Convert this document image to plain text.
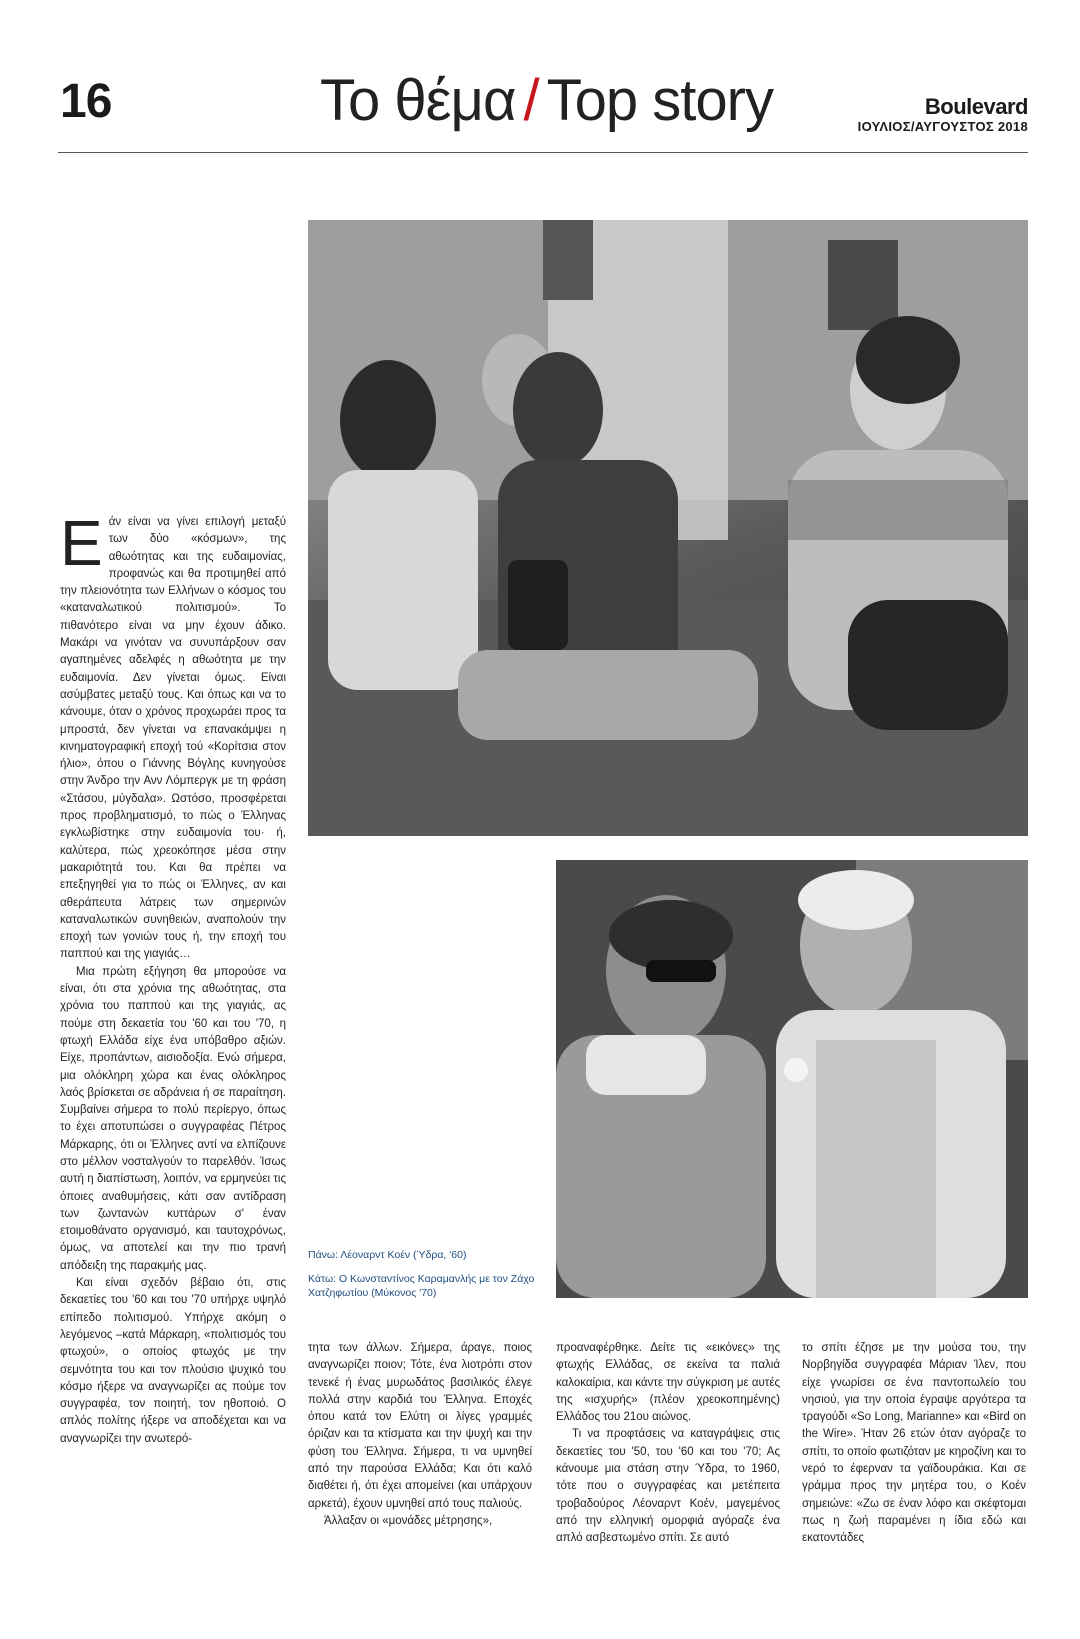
16	Το θέμα / Top story	Boulevard
ΙΟΥΛΙΟΣ/ΑΥΓΟΥΣΤΟΣ 2018

Πάνω: Λέοναρντ Κοέν (Ύδρα, '60)

Κάτω: Ο Κωνσταντίνος Καραμανλής με τον Ζάχο Χατζηφωτίου (Μύκονος '70)

Εάν είναι να γίνει επιλογή μεταξύ των δύο «κόσμων», της αθωότητας και της ευδαιμονίας, προφανώς και θα προτιμηθεί από την πλειονότητα των Ελλήνων ο κόσμος του «καταναλωτικού πολιτισμού». Το πιθανότερο είναι να μην έχουν άδικο. Μακάρι να γινόταν να συνυπάρξουν σαν αγαπημένες αδελφές η αθωότητα με την ευδαιμονία. Δεν γίνεται όμως. Είναι ασύμβατες μεταξύ τους. Και όπως και να το κάνουμε, όταν ο χρόνος προχωράει προς τα μπροστά, δεν γίνεται να επανακάμψει η κινηματογραφική εποχή τού «Κορίτσια στον ήλιο», όπου ο Γιάννης Βόγλης κυνηγούσε στην Άνδρο την Ανν Λόμπεργκ με τη φράση «Στάσου, μύγδαλα». Ωστόσο, προσφέρεται προς προβληματισμό, το πώς ο Έλληνας εγκλωβίστηκε στην ευδαιμονία του· ή, καλύτερα, πώς χρεοκόπησε μέσα στην μακαριότητά του. Και θα πρέπει να επεξηγηθεί για το πώς οι Έλληνες, αν και αθεράπευτα λάτρεις των σημερινών καταναλωτικών συνηθειών, αναπολούν την εποχή των γονιών τους ή, την εποχή του παππού και της γιαγιάς…

Μια πρώτη εξήγηση θα μπορούσε να είναι, ότι στα χρόνια της αθωότητας, στα χρόνια του παππού και της γιαγιάς, ας πούμε στη δεκαετία του '60 και του '70, η φτωχή Ελλάδα είχε ένα υπόβαθρο αξιών. Είχε, προπάντων, αισιοδοξία. Ενώ σήμερα, μια ολόκληρη χώρα και ένας ολόκληρος λαός βρίσκεται σε αδράνεια ή σε παραίτηση. Συμβαίνει σήμερα το πολύ περίεργο, όπως το έχει αποτυπώσει ο συγγραφέας Πέτρος Μάρκαρης, ότι οι Έλληνες αντί να ελπίζουνε στο μέλλον νοσταλγούν το παρελθόν. Ίσως αυτή η διαπίστωση, λοιπόν, να ερμηνεύει τις όποιες αναθυμήσεις, κάτι σαν αντίδραση των ζωντανών κυττάρων σ' έναν ετοιμοθάνατο οργανισμό, και ταυτοχρόνως, όμως, να αποτελεί και την πιο τρανή απόδειξη της παρακμής μας.

Και είναι σχεδόν βέβαιο ότι, στις δεκαετίες του '60 και του '70 υπήρχε υψηλό επίπεδο πολιτισμού. Υπήρχε ακόμη ο λεγόμενος –κατά Μάρκαρη, «πολιτισμός του φτωχού», ο οποίος φτωχός με την σεμνότητα του και τον πλούσιο ψυχικό του κόσμο ήξερε να αναγνωρίζει ας πούμε τον συγγραφέα, τον ποιητή, τον ηθοποιό. Ο απλός πολίτης ήξερε να αποδέχεται και να αναγνωρίζει την ανωτερό-

τητα των άλλων. Σήμερα, άραγε, ποιος αναγνωρίζει ποιον; Τότε, ένα λιοτρόπι στον τενεκέ ή ένας μυρωδάτος βασιλικός έλεγε πολλά στην καρδιά του Έλληνα. Εποχές όπου κατά τον Ελύτη οι λίγες γραμμές όριζαν και τα κτίσματα και την ψυχή και την φύση του Έλληνα. Σήμερα, τι να υμνηθεί από την παρούσα Ελλάδα; Και ότι καλό διαθέτει ή, ότι έχει απομείνει (και υπάρχουν αρκετά), έχουν υμνηθεί από τους παλιούς.

Άλλαξαν οι «μονάδες μέτρησης»,

προαναφέρθηκε. Δείτε τις «εικόνες» της φτωχής Ελλάδας, σε εκείνα τα παλιά καλοκαίρια, και κάντε την σύγκριση με αυτές της «ισχυρής» (πλέον χρεοκοπημένης) Ελλάδος του 21ου αιώνος.

Τι να προφτάσεις να καταγράψεις στις δεκαετίες του '50, του '60 και του '70; Ας κάνουμε μια στάση στην Ύδρα, το 1960, τότε που ο συγγραφέας και μετέπειτα τροβαδούρος Λέοναρντ Κοέν, μαγεμένος από την ελληνική ομορφιά αγόραζε ένα απλό ασβεστωμένο σπίτι. Σε αυτό

το σπίτι έζησε με την μούσα του, την Νορβηγίδα συγγραφέα Μάριαν Ίλεν, που είχε γνωρίσει σε ένα παντοπωλείο του νησιού, για την οποία έγραψε αργότερα τα τραγούδι «So Long, Marianne» και «Bird on the Wire». Ήταν 26 ετών όταν αγόραζε το σπίτι, το οποίο φωτιζόταν με κηροζίνη και το νερό το έφερναν τα γαϊδουράκια. Και σε γράμμα προς την μητέρα του, ο Κοέν σημειώνε: «Ζω σε έναν λόφο και σκέφτομαι πως η ζωή παραμένει η ίδια εδώ και εκατοντάδες
